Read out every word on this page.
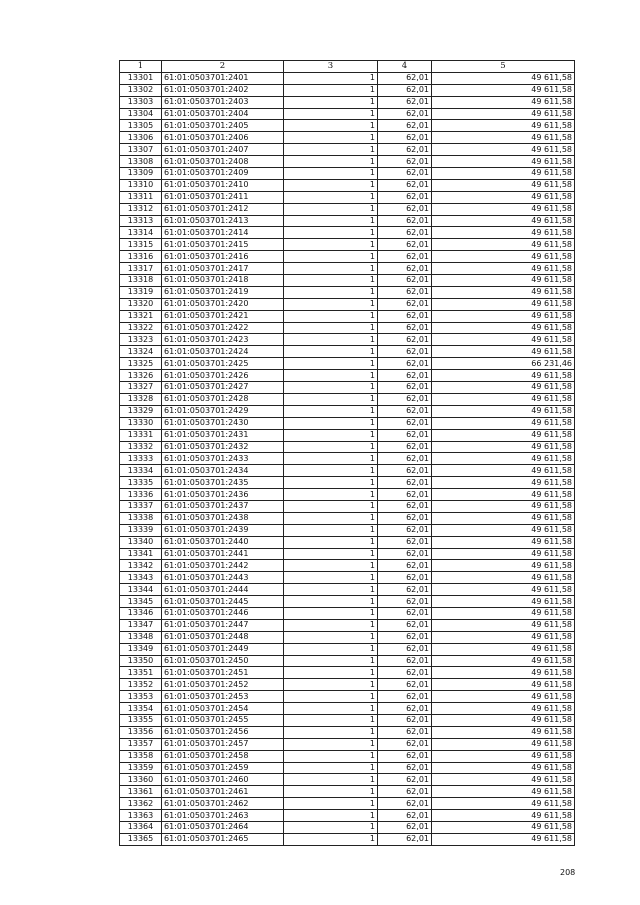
1	2	3	4	5
13301	61:01:0503701:2401	1	62,01	49 611,58
13302	61:01:0503701:2402	1	62,01	49 611,58
13303	61:01:0503701:2403	1	62,01	49 611,58
13304	61:01:0503701:2404	1	62,01	49 611,58
13305	61:01:0503701:2405	1	62,01	49 611,58
13306	61:01:0503701:2406	1	62,01	49 611,58
13307	61:01:0503701:2407	1	62,01	49 611,58
13308	61:01:0503701:2408	1	62,01	49 611,58
13309	61:01:0503701:2409	1	62,01	49 611,58
13310	61:01:0503701:2410	1	62,01	49 611,58
13311	61:01:0503701:2411	1	62,01	49 611,58
13312	61:01:0503701:2412	1	62,01	49 611,58
13313	61:01:0503701:2413	1	62,01	49 611,58
13314	61:01:0503701:2414	1	62,01	49 611,58
13315	61:01:0503701:2415	1	62,01	49 611,58
13316	61:01:0503701:2416	1	62,01	49 611,58
13317	61:01:0503701:2417	1	62,01	49 611,58
13318	61:01:0503701:2418	1	62,01	49 611,58
13319	61:01:0503701:2419	1	62,01	49 611,58
13320	61:01:0503701:2420	1	62,01	49 611,58
13321	61:01:0503701:2421	1	62,01	49 611,58
13322	61:01:0503701:2422	1	62,01	49 611,58
13323	61:01:0503701:2423	1	62,01	49 611,58
13324	61:01:0503701:2424	1	62,01	49 611,58
13325	61:01:0503701:2425	1	62,01	66 231,46
13326	61:01:0503701:2426	1	62,01	49 611,58
13327	61:01:0503701:2427	1	62,01	49 611,58
13328	61:01:0503701:2428	1	62,01	49 611,58
13329	61:01:0503701:2429	1	62,01	49 611,58
13330	61:01:0503701:2430	1	62,01	49 611,58
13331	61:01:0503701:2431	1	62,01	49 611,58
13332	61:01:0503701:2432	1	62,01	49 611,58
13333	61:01:0503701:2433	1	62,01	49 611,58
13334	61:01:0503701:2434	1	62,01	49 611,58
13335	61:01:0503701:2435	1	62,01	49 611,58
13336	61:01:0503701:2436	1	62,01	49 611,58
13337	61:01:0503701:2437	1	62,01	49 611,58
13338	61:01:0503701:2438	1	62,01	49 611,58
13339	61:01:0503701:2439	1	62,01	49 611,58
13340	61:01:0503701:2440	1	62,01	49 611,58
13341	61:01:0503701:2441	1	62,01	49 611,58
13342	61:01:0503701:2442	1	62,01	49 611,58
13343	61:01:0503701:2443	1	62,01	49 611,58
13344	61:01:0503701:2444	1	62,01	49 611,58
13345	61:01:0503701:2445	1	62,01	49 611,58
13346	61:01:0503701:2446	1	62,01	49 611,58
13347	61:01:0503701:2447	1	62,01	49 611,58
13348	61:01:0503701:2448	1	62,01	49 611,58
13349	61:01:0503701:2449	1	62,01	49 611,58
13350	61:01:0503701:2450	1	62,01	49 611,58
13351	61:01:0503701:2451	1	62,01	49 611,58
13352	61:01:0503701:2452	1	62,01	49 611,58
13353	61:01:0503701:2453	1	62,01	49 611,58
13354	61:01:0503701:2454	1	62,01	49 611,58
13355	61:01:0503701:2455	1	62,01	49 611,58
13356	61:01:0503701:2456	1	62,01	49 611,58
13357	61:01:0503701:2457	1	62,01	49 611,58
13358	61:01:0503701:2458	1	62,01	49 611,58
13359	61:01:0503701:2459	1	62,01	49 611,58
13360	61:01:0503701:2460	1	62,01	49 611,58
13361	61:01:0503701:2461	1	62,01	49 611,58
13362	61:01:0503701:2462	1	62,01	49 611,58
13363	61:01:0503701:2463	1	62,01	49 611,58
13364	61:01:0503701:2464	1	62,01	49 611,58
13365	61:01:0503701:2465	1	62,01	49 611,58
208
